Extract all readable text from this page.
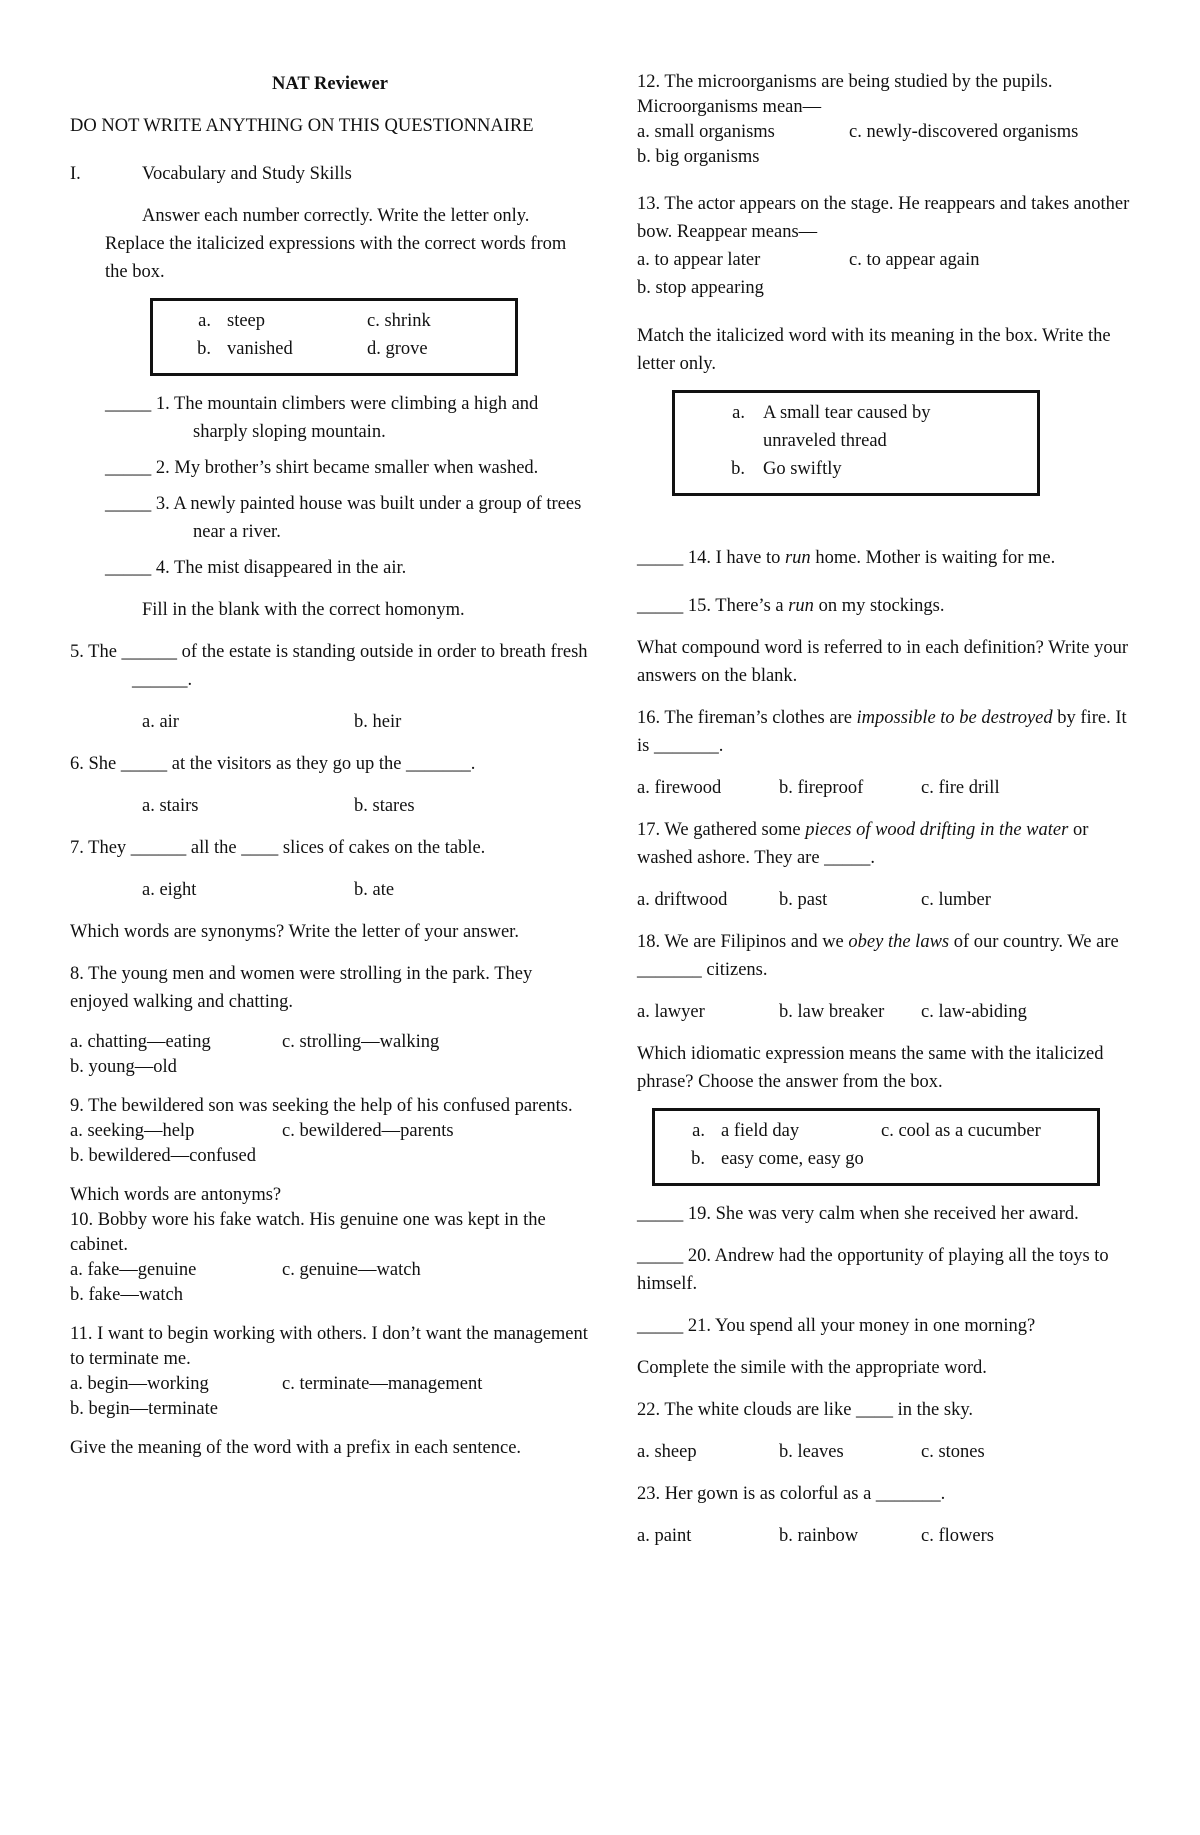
NAT Reviewer

DO NOT WRITE ANYTHING ON THIS QUESTIONNAIRE

I.	Vocabulary and Study Skills

Answer each number correctly. Write the letter only. Replace the italicized expressions with the correct words from the box.

a. steep	c. shrink
b. vanished	d. grove

_____ 1. The mountain climbers were climbing a high and sharply sloping mountain.

_____ 2. My brother’s shirt became smaller when washed.

_____ 3. A newly painted house was built under a group of trees near a river.

_____ 4. The mist disappeared in the air.

Fill in the blank with the correct homonym.

5. The ______ of the estate is standing outside in order to breath fresh ______.

a. air	b. heir

6. She _____ at the visitors as they go up the _______.

a. stairs	b. stares

7. They ______ all the ____ slices of cakes on the table.

a. eight	b. ate

Which words are synonyms? Write the letter of your answer.

8. The young men and women were strolling in the park. They enjoyed walking and chatting.

a. chatting—eating	c. strolling—walking

b. young—old

9. The bewildered son was seeking the help of his confused parents.

a. seeking—help	c. bewildered—parents

b. bewildered—confused

Which words are antonyms?

10. Bobby wore his fake watch. His genuine one was kept in the cabinet.

a. fake—genuine	c. genuine—watch

b. fake—watch

11. I want to begin working with others. I don’t want the management to terminate me.

a. begin—working	c. terminate—management

b. begin—terminate

Give the meaning of the word with a prefix in each sentence.

12. The microorganisms are being studied by the pupils. Microorganisms mean—

a. small organisms	c. newly-discovered organisms

b. big organisms

13. The actor appears on the stage. He reappears and takes another bow. Reappear means—

a. to appear later	c. to appear again

b. stop appearing

Match the italicized word with its meaning in the box. Write the letter only.

a. A small tear caused by unraveled thread
b. Go swiftly

_____ 14. I have to run home. Mother is waiting for me.

_____ 15. There’s a run on my stockings.

What compound word is referred to in each definition? Write your answers on the blank.

16. The fireman’s clothes are impossible to be destroyed by fire. It is _______.

a. firewood	b. fireproof	c. fire drill

17. We gathered some pieces of wood drifting in the water or washed ashore. They are _____.

a. driftwood	b. past	c. lumber

18. We are Filipinos and we obey the laws of our country. We are _______ citizens.

a. lawyer	b. law breaker	c. law-abiding

Which idiomatic expression means the same with the italicized phrase? Choose the answer from the box.

a. a field day	c. cool as a cucumber
b. easy come, easy go

_____ 19. She was very calm when she received her award.

_____ 20. Andrew had the opportunity of playing all the toys to himself.

_____ 21. You spend all your money in one morning?

Complete the simile with the appropriate word.

22. The white clouds are like ____ in the sky.

a. sheep	b. leaves	c. stones

23. Her gown is as colorful as a _______.

a. paint	b. rainbow	c. flowers
